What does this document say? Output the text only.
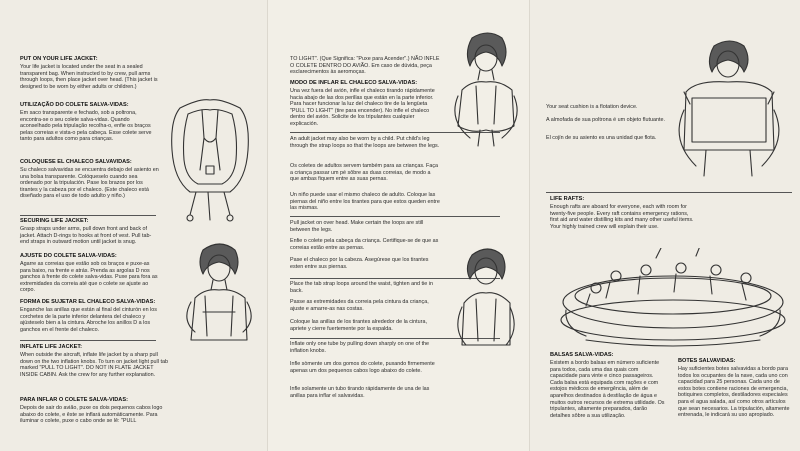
PUT ON YOUR LIFE JACKET:
Your life jacket is located under the seat in a sealed transparent bag. When instructed to by crew, pull arms through loops, then place jacket over head. (This jacket is designed to be worn by either adults or children.)
UTILIZAÇÃO DO COLETE SALVA-VIDAS:
Em saco transparente e fechado, sob a poltrona, encontra-se o seu colete salva-vidas. Quando aconselhado pela tripulação recolha-o, enfie os braços pelas correias e vista-o pela cabeça. Esse colete serve tanto para adultos como para crianças.
COLOQUESE EL CHALECO SALVAVIDAS:
Su chaleco salvavidas se encuentra debajo del asiento en una bolsa transparente. Colóqueselo cuando sea ordenado por la tripulación. Pase los brazos por los tirantes y la cabeza por el chaleco. (Este chaleco está diseñado para el uso de todo adulto y niño.)
SECURING LIFE JACKET:
Grasp straps under arms, pull down front and back of jacket. Attach D-rings to hooks at front of vest. Pull tab-end straps in outward motion until jacket is snug.
AJUSTE DO COLETE SALVA-VIDAS:
Agarre as correias que estão sob os braços e puxe-as para baixo, na frente e atrás. Prenda as argolas D nos ganchos à frente do colete salva-vidas. Puxe para fora as extremidades da correia até que o colete se ajuste ao corpo.
FORMA DE SUJETAR EL CHALECO SALVA-VIDAS:
Enganche las anillas que están al final del cinturón en los corchetes de la parte inferior delantera del chaleco y ajústeselo bien a la cintura. Abroche los anillos D a los ganchos en el frente del chaleco.
INFLATE LIFE JACKET:
When outside the aircraft, inflate life jacket by a sharp pull down on the two inflation knobs. To turn on jacket light pull tab marked "PULL TO LIGHT". DO NOT IN FLATE JACKET INSIDE CABIN. Ask the crew for any further explanation.
PARA INFLAR O COLETE SALVA-VIDAS:
Depois de sair do avião, puxe os dois pequenos cabos logo abaixo do colete, e êste se inflará automàticamente. Para iluminar o colete, puxe o cabo onde se lê: "PULL
TO LIGHT". (Que Significa: "Puxe para Acender".) NÃO INFLE O COLETE DENTRO DO AVIÃO. Em caso de dúvida, peça esclarecimentos às aeromoças.
MODO DE INFLAR EL CHALECO SALVA-VIDAS:
Una vez fuera del avión, infle el chaleco tirando rápidamente hacia abajo de las dos perillas que están en la parte inferior. Para hacer funcionar la luz del chaleco tire de la lengüeta "PULL TO LIGHT" (tire para encender). No infle el chaleco dentro del avión. Solicite de los tripulantes cualquier explicación.
An adult jacket may also be worn by a child. Put child's leg through the strap loops so that the loops are between the legs.
Os coletes de adultos servem também para as crianças. Faça a criança passar um pé sôbre as duas correias, de modo a que ambas fiquem entre as suas pernas.
Un niño puede usar el mismo chaleco de adulto. Coloque las piernas del niño entre los tirantes para que estos queden entre las mismas.
Pull jacket on over head. Make certain the loops are still between the legs.
Enfie o colete pela cabeça da criança. Certifique-se de que as correias estão entre as pernas.
Pase el chaleco por la cabeza. Asegúrese que los tirantes esten entre sus piernas.
Place the tab strap loops around the waist, tighten and tie in back.
Passe as extremidades da correia pela cintura da criança, ajuste e amarre-as nas costas.
Coloque las anillas de los tirantes alrededor de la cintura, apriete y cierre fuertemente por la espalda.
Inflate only one tube by pulling down sharply on one of the inflation knobs.
Infle sòmente um dos gomos do colete, puxando firmemente apenas um dos pequenos cabos logo abaixo do colete.
Infle solamente un tubo tirando rápidamente de una de las anillas para inflar el salvavidas.
Your seat cushion is a flotation device.
A almofada de sua poltrona é um objeto flutuante.
El cojín de su asiento es una unidad que flota.
LIFE RAFTS:
Enough rafts are aboard for everyone, each with room for twenty-five people. Every raft contains emergency rations, first aid and water distilling kits and many other useful items. Your highly trained crew will explain their use.
BALSAS SALVA-VIDAS:
Existem a bordo balsas em número suficiente para todos, cada uma das quais com capacidade para vinte e cinco passageiros. Cada balsa está equipada com rações e com estojos médicos de emergência, além de aparelhos destinados à destilação de água e muitos outros recursos de extrema utilidade. Os tripulantes, altamente preparados, darão detalhes sôbre a sua utilização.
BOTES SALVAVIDAS:
Hay suficientes botes salvavidas a bordo para todos los ocupantes de la nave, cada uno con capacidad para 25 personas. Cada uno de estos botes contiene raciones de emergencia, botiquines completos, destiladores especiales para el agua salada, así como otros artículos que sean necesarios. La tripulación, altamente entrenada, le indicará su uso apropiado.
